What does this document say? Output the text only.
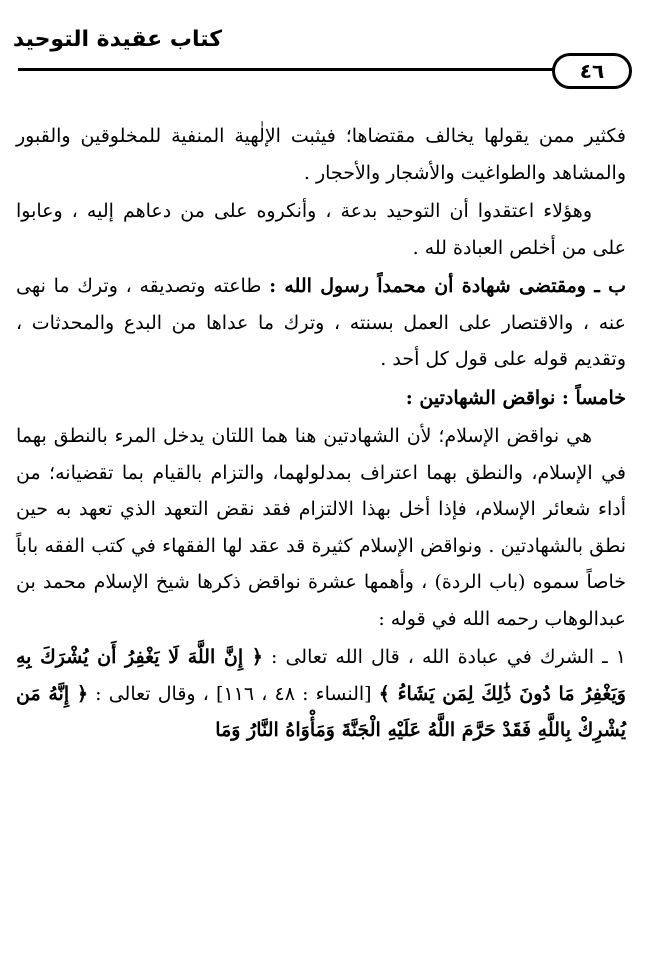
كتاب عقيدة التوحيد
٤٦

فكثير ممن يقولها يخالف مقتضاها؛ فيثبت الإلٰهية المنفية للمخلوقين والقبور والمشاهد والطواغيت والأشجار والأحجار .

وهؤلاء اعتقدوا أن التوحيد بدعة ، وأنكروه على من دعاهم إليه ، وعابوا على من أخلص العبادة لله .

ب ـ ومقتضى شهادة أن محمداً رسول الله : طاعته وتصديقه ، وترك ما نهى عنه ، والاقتصار على العمل بسنته ، وترك ما عداها من البدع والمحدثات ، وتقديم قوله على قول كل أحد .

خامساً : نواقض الشهادتين :

هي نواقض الإسلام؛ لأن الشهادتين هنا هما اللتان يدخل المرء بالنطق بهما في الإسلام، والنطق بهما اعتراف بمدلولهما، والتزام بالقيام بما تقضيانه؛ من أداء شعائر الإسلام، فإذا أخل بهذا الالتزام فقد نقض التعهد الذي تعهد به حين نطق بالشهادتين . ونواقض الإسلام كثيرة قد عقد لها الفقهاء في كتب الفقه باباً خاصاً سموه (باب الردة) ، وأهمها عشرة نواقض ذكرها شيخ الإسلام محمد بن عبدالوهاب رحمه الله في قوله :

١ ـ الشرك في عبادة الله ، قال الله تعالى : ﴿ إِنَّ اللَّهَ لَا يَغْفِرُ أَن يُشْرَكَ بِهِ وَيَغْفِرُ مَا دُونَ ذَٰلِكَ لِمَن يَشَاءُ ﴾ [النساء : ٤٨ ، ١١٦] ، وقال تعالى : ﴿ إِنَّهُ مَن يُشْرِكْ بِاللَّهِ فَقَدْ حَرَّمَ اللَّهُ عَلَيْهِ الْجَنَّةَ وَمَأْوَاهُ النَّارُ وَمَا
